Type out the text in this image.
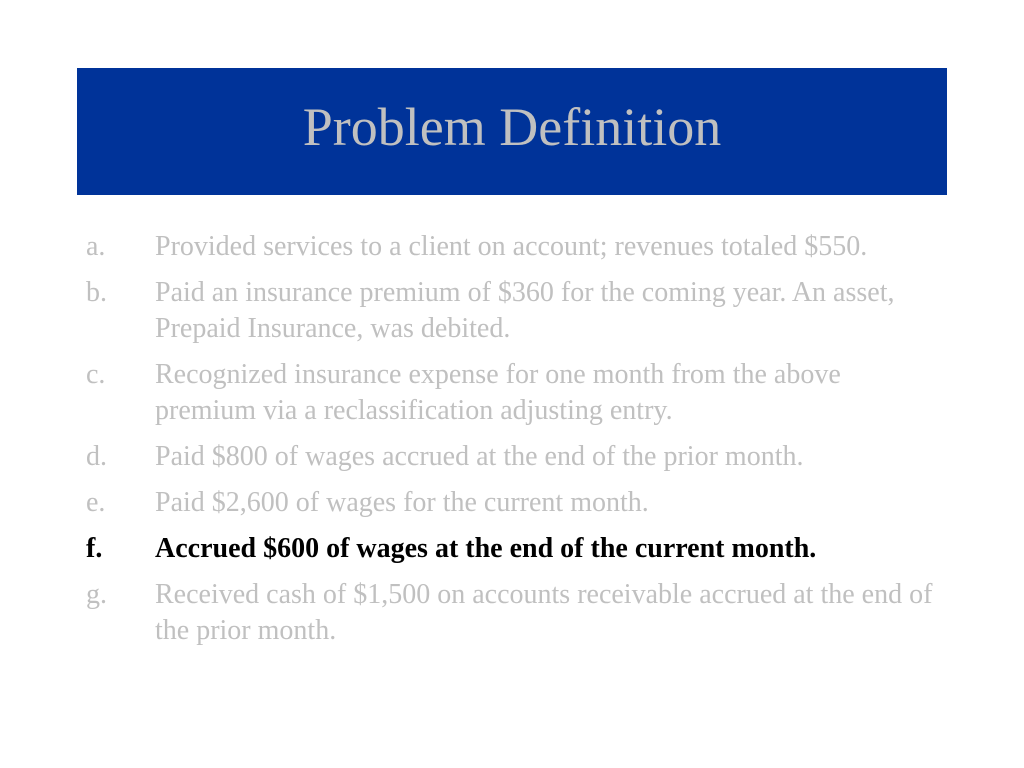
Problem Definition
a.	Provided services to a client on account; revenues totaled $550.
b.	Paid an insurance premium of $360 for the coming year. An asset, Prepaid Insurance, was debited.
c.	Recognized insurance expense for one month from the above premium via a reclassification adjusting entry.
d.	Paid $800 of wages accrued at the end of the prior month.
e.	Paid $2,600 of wages for the current month.
f.	Accrued $600 of wages at the end of the current month.
g.	Received cash of $1,500 on accounts receivable accrued at the end of the prior month.
